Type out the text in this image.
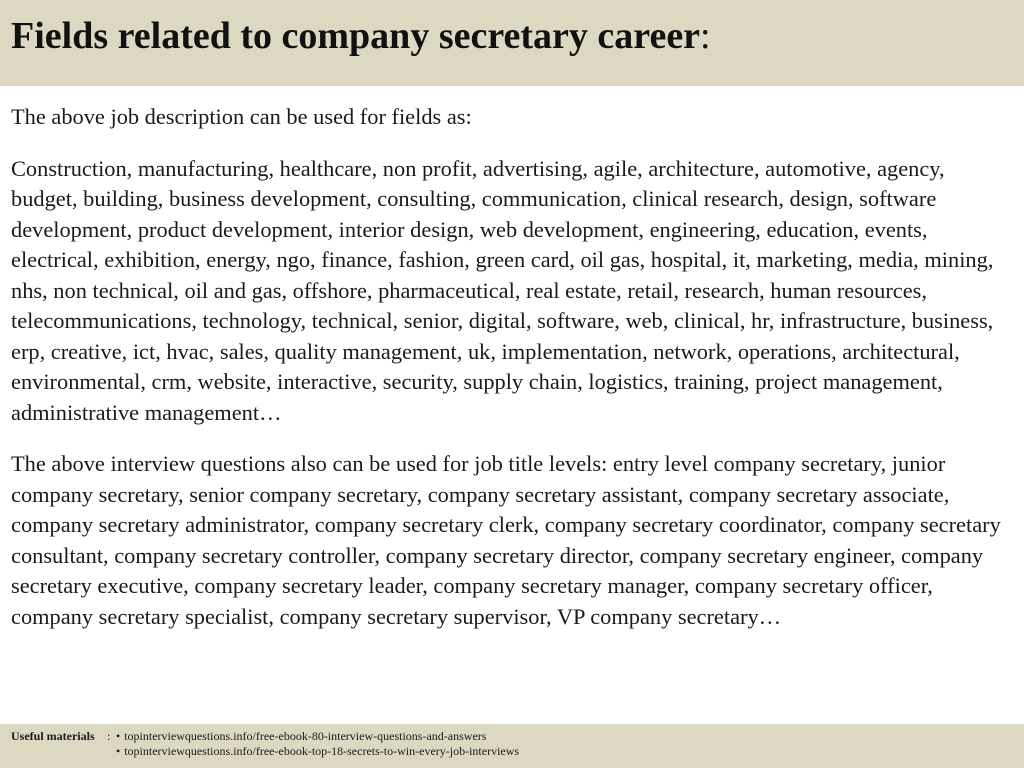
Fields related to company secretary career:

The above job description can be used for fields as:

Construction, manufacturing, healthcare, non profit, advertising, agile, architecture, automotive, agency, budget, building, business development, consulting, communication, clinical research, design, software development, product development, interior design, web development, engineering, education, events, electrical, exhibition, energy, ngo, finance, fashion, green card, oil gas, hospital, it, marketing, media, mining, nhs, non technical, oil and gas, offshore, pharmaceutical, real estate, retail, research, human resources, telecommunications, technology, technical, senior, digital, software, web, clinical, hr, infrastructure, business, erp, creative, ict, hvac, sales, quality management, uk, implementation, network, operations, architectural, environmental, crm, website, interactive, security, supply chain, logistics, training, project management, administrative management…

The above interview questions also can be used for job title levels: entry level company secretary, junior company secretary, senior company secretary, company secretary assistant, company secretary associate, company secretary administrator, company secretary clerk, company secretary coordinator, company secretary consultant, company secretary controller, company secretary director, company secretary engineer, company secretary executive, company secretary leader, company secretary manager, company secretary officer, company secretary specialist, company secretary supervisor, VP company secretary…

Useful materials : • topinterviewquestions.info/free-ebook-80-interview-questions-and-answers
• topinterviewquestions.info/free-ebook-top-18-secrets-to-win-every-job-interviews
